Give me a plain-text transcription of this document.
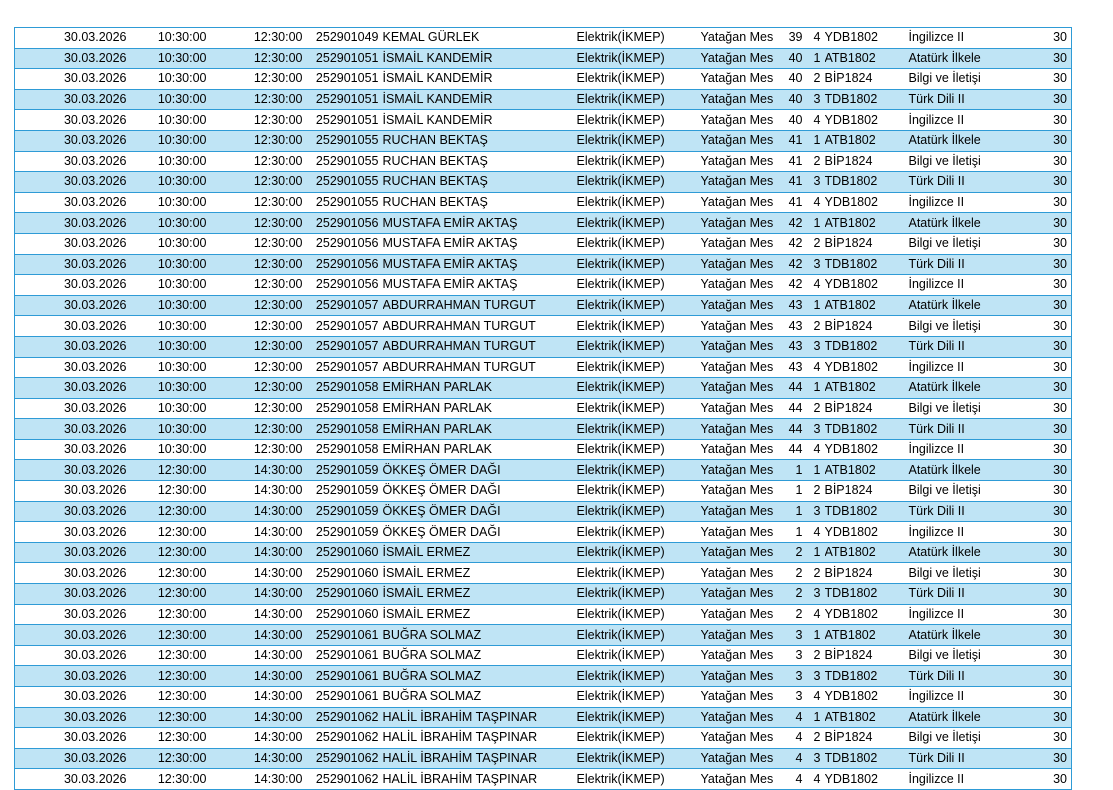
30.03.2026	10:30:00	12:30:00	252901049	KEMAL GÜRLEK	Elektrik(İKMEP)	Yatağan Mes	39	4	YDB1802	İngilizce II	30
30.03.2026	10:30:00	12:30:00	252901051	İSMAİL KANDEMİR	Elektrik(İKMEP)	Yatağan Mes	40	1	ATB1802	Atatürk İlkele	30
30.03.2026	10:30:00	12:30:00	252901051	İSMAİL KANDEMİR	Elektrik(İKMEP)	Yatağan Mes	40	2	BİP1824	Bilgi ve İletişi	30
30.03.2026	10:30:00	12:30:00	252901051	İSMAİL KANDEMİR	Elektrik(İKMEP)	Yatağan Mes	40	3	TDB1802	Türk Dili II	30
30.03.2026	10:30:00	12:30:00	252901051	İSMAİL KANDEMİR	Elektrik(İKMEP)	Yatağan Mes	40	4	YDB1802	İngilizce II	30
30.03.2026	10:30:00	12:30:00	252901055	RUCHAN BEKTAŞ	Elektrik(İKMEP)	Yatağan Mes	41	1	ATB1802	Atatürk İlkele	30
30.03.2026	10:30:00	12:30:00	252901055	RUCHAN BEKTAŞ	Elektrik(İKMEP)	Yatağan Mes	41	2	BİP1824	Bilgi ve İletişi	30
30.03.2026	10:30:00	12:30:00	252901055	RUCHAN BEKTAŞ	Elektrik(İKMEP)	Yatağan Mes	41	3	TDB1802	Türk Dili II	30
30.03.2026	10:30:00	12:30:00	252901055	RUCHAN BEKTAŞ	Elektrik(İKMEP)	Yatağan Mes	41	4	YDB1802	İngilizce II	30
30.03.2026	10:30:00	12:30:00	252901056	MUSTAFA EMİR AKTAŞ	Elektrik(İKMEP)	Yatağan Mes	42	1	ATB1802	Atatürk İlkele	30
30.03.2026	10:30:00	12:30:00	252901056	MUSTAFA EMİR AKTAŞ	Elektrik(İKMEP)	Yatağan Mes	42	2	BİP1824	Bilgi ve İletişi	30
30.03.2026	10:30:00	12:30:00	252901056	MUSTAFA EMİR AKTAŞ	Elektrik(İKMEP)	Yatağan Mes	42	3	TDB1802	Türk Dili II	30
30.03.2026	10:30:00	12:30:00	252901056	MUSTAFA EMİR AKTAŞ	Elektrik(İKMEP)	Yatağan Mes	42	4	YDB1802	İngilizce II	30
30.03.2026	10:30:00	12:30:00	252901057	ABDURRAHMAN TURGUT	Elektrik(İKMEP)	Yatağan Mes	43	1	ATB1802	Atatürk İlkele	30
30.03.2026	10:30:00	12:30:00	252901057	ABDURRAHMAN TURGUT	Elektrik(İKMEP)	Yatağan Mes	43	2	BİP1824	Bilgi ve İletişi	30
30.03.2026	10:30:00	12:30:00	252901057	ABDURRAHMAN TURGUT	Elektrik(İKMEP)	Yatağan Mes	43	3	TDB1802	Türk Dili II	30
30.03.2026	10:30:00	12:30:00	252901057	ABDURRAHMAN TURGUT	Elektrik(İKMEP)	Yatağan Mes	43	4	YDB1802	İngilizce II	30
30.03.2026	10:30:00	12:30:00	252901058	EMİRHAN PARLAK	Elektrik(İKMEP)	Yatağan Mes	44	1	ATB1802	Atatürk İlkele	30
30.03.2026	10:30:00	12:30:00	252901058	EMİRHAN PARLAK	Elektrik(İKMEP)	Yatağan Mes	44	2	BİP1824	Bilgi ve İletişi	30
30.03.2026	10:30:00	12:30:00	252901058	EMİRHAN PARLAK	Elektrik(İKMEP)	Yatağan Mes	44	3	TDB1802	Türk Dili II	30
30.03.2026	10:30:00	12:30:00	252901058	EMİRHAN PARLAK	Elektrik(İKMEP)	Yatağan Mes	44	4	YDB1802	İngilizce II	30
30.03.2026	12:30:00	14:30:00	252901059	ÖKKEŞ ÖMER DAĞI	Elektrik(İKMEP)	Yatağan Mes	1	1	ATB1802	Atatürk İlkele	30
30.03.2026	12:30:00	14:30:00	252901059	ÖKKEŞ ÖMER DAĞI	Elektrik(İKMEP)	Yatağan Mes	1	2	BİP1824	Bilgi ve İletişi	30
30.03.2026	12:30:00	14:30:00	252901059	ÖKKEŞ ÖMER DAĞI	Elektrik(İKMEP)	Yatağan Mes	1	3	TDB1802	Türk Dili II	30
30.03.2026	12:30:00	14:30:00	252901059	ÖKKEŞ ÖMER DAĞI	Elektrik(İKMEP)	Yatağan Mes	1	4	YDB1802	İngilizce II	30
30.03.2026	12:30:00	14:30:00	252901060	İSMAİL ERMEZ	Elektrik(İKMEP)	Yatağan Mes	2	1	ATB1802	Atatürk İlkele	30
30.03.2026	12:30:00	14:30:00	252901060	İSMAİL ERMEZ	Elektrik(İKMEP)	Yatağan Mes	2	2	BİP1824	Bilgi ve İletişi	30
30.03.2026	12:30:00	14:30:00	252901060	İSMAİL ERMEZ	Elektrik(İKMEP)	Yatağan Mes	2	3	TDB1802	Türk Dili II	30
30.03.2026	12:30:00	14:30:00	252901060	İSMAİL ERMEZ	Elektrik(İKMEP)	Yatağan Mes	2	4	YDB1802	İngilizce II	30
30.03.2026	12:30:00	14:30:00	252901061	BUĞRA SOLMAZ	Elektrik(İKMEP)	Yatağan Mes	3	1	ATB1802	Atatürk İlkele	30
30.03.2026	12:30:00	14:30:00	252901061	BUĞRA SOLMAZ	Elektrik(İKMEP)	Yatağan Mes	3	2	BİP1824	Bilgi ve İletişi	30
30.03.2026	12:30:00	14:30:00	252901061	BUĞRA SOLMAZ	Elektrik(İKMEP)	Yatağan Mes	3	3	TDB1802	Türk Dili II	30
30.03.2026	12:30:00	14:30:00	252901061	BUĞRA SOLMAZ	Elektrik(İKMEP)	Yatağan Mes	3	4	YDB1802	İngilizce II	30
30.03.2026	12:30:00	14:30:00	252901062	HALİL İBRAHİM TAŞPINAR	Elektrik(İKMEP)	Yatağan Mes	4	1	ATB1802	Atatürk İlkele	30
30.03.2026	12:30:00	14:30:00	252901062	HALİL İBRAHİM TAŞPINAR	Elektrik(İKMEP)	Yatağan Mes	4	2	BİP1824	Bilgi ve İletişi	30
30.03.2026	12:30:00	14:30:00	252901062	HALİL İBRAHİM TAŞPINAR	Elektrik(İKMEP)	Yatağan Mes	4	3	TDB1802	Türk Dili II	30
30.03.2026	12:30:00	14:30:00	252901062	HALİL İBRAHİM TAŞPINAR	Elektrik(İKMEP)	Yatağan Mes	4	4	YDB1802	İngilizce II	30
